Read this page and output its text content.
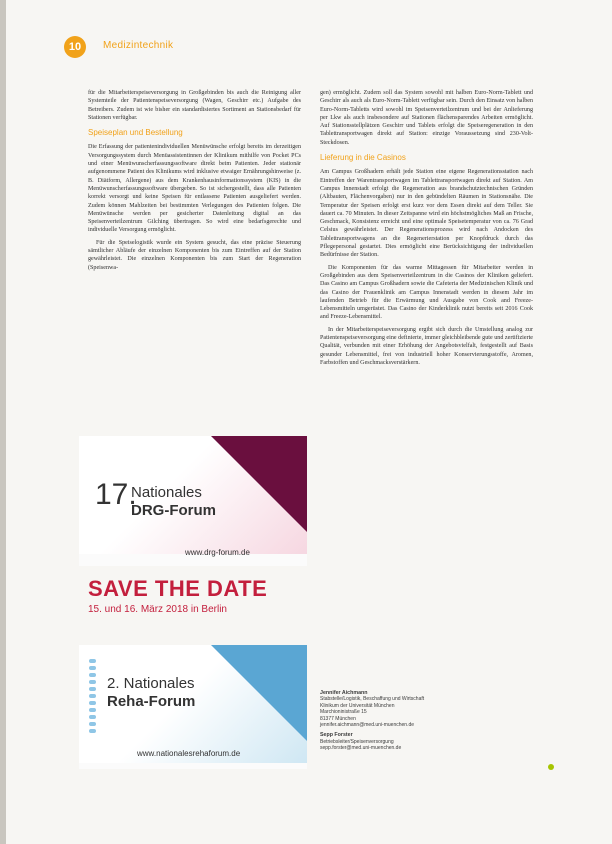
10	Medizintechnik

für die Mitarbeiterspeiseversorgung in Großgebinden bis auch die Reinigung aller Systemteile der Patientenspeiseversorgung (Wagen, Geschirr etc.) Aufgabe des Betreibers. Zudem ist wie bisher ein standardisiertes Sortiment an Stationsbedarf für Stationen verfügbar.

Speiseplan und Bestellung

Die Erfassung der patientenindividuellen Menüwünsche erfolgt bereits im derzeitigen Versorgungssystem durch Menüassistentinnen der Klinikum mithilfe von Pocket PCs und einer Menüwunscherfassungssoftware direkt beim Patienten. Jeder stationär aufgenommene Patient des Klinikums wird inklusive etwaiger Ernährungshinweise (z. B. Diätform, Allergene) aus dem Krankenhausinformationssystem (KIS) in die Menüwunscherfassungssoftware übergeben. So ist sichergestellt, dass alle Patienten korrekt versorgt und keine Speisen für entlassene Patienten ausgeliefert werden. Zudem können Mahlzeiten bei bestimmten Verlegungen des Patienten folgen. Die Menüwünsche werden per gesicherter Datenleitung digital an das Speisenverteilzentrum Gilching übertragen. So wird eine bedarfsgerechte und individuelle Versorgung ermöglicht.

Für die Speiselogistik wurde ein System gesucht, das eine präzise Steuerung sämtlicher Abläufe der einzelnen Komponenten bis zum Eintreffen auf der Station gewährleistet. Die einzelnen Komponenten bis zum Start der Regeneration (Speisenwa-

gen) ermöglicht. Zudem soll das System sowohl mit halben Euro-Norm-Tablett und Geschirr als auch als Euro-Norm-Tablett verfügbar sein. Durch den Einsatz von halben Euro-Norm-Tabletts wird sowohl im Speisenverteilzentrum und bei der Anlieferung per Lkw als auch insbesondere auf Stationen flächensparendes Arbeiten ermöglicht. Auf Stationsstellplätzen Geschirr und Tablets erfolgt die Speiseregeneration in den Tablettransportwagen direkt auf Station: einzige Voraussetzung sind 230-Volt-Steckdosen.

Lieferung in die Casinos

Am Campus Großhadern erhält jede Station eine eigene Regenerationsstation nach Eintreffen der Warentransportwagen im Tablettransportwagen direkt auf Station. Am Campus Innenstadt erfolgt die Regeneration aus brandschutztechnischen Gründen (Altbauten, Flächenvorgaben) nur in den gebündelten Räumen in Stationsnähe. Die Temperatur der Speisen erfolgt erst kurz vor dem Essen direkt auf dem Teller. Sie dauert ca. 70 Minuten. In dieser Zeitspanne wird ein höchstmögliches Maß an Frische, Geschmack, Konsistenz erreicht und eine optimale Speisetemperatur von ca. 76 Grad Celsius gewährleistet. Der Regenerationsprozess wird nach Andocken des Tablettransportwagens an die Regenerierstation per Knopfdruck durch das Pflegepersonal gestartet. Dies ermöglicht eine Berücksichtigung der individuellen Bedürfnisse der Station.

Die Komponenten für das warme Mittagessen für Mitarbeiter werden in Großgebinden aus dem Speisenverteilzentrum in die Casinos der Kliniken geliefert. Das Casino am Campus Großhadern sowie die Cafeteria der Medizinischen Klinik und das Casino der Frauenklinik am Campus Innenstadt werden in diesem Jahr im laufenden Betrieb für die Erwärmung und Ausgabe von Cook and Freeze-Lebensmitteln umgerüstet. Das Casino der Kinderklinik nutzt bereits seit 2016 Cook and Freeze-Lebensmittel.

In der Mitarbeiterspeiseversorgung ergibt sich durch die Umstellung analog zur Patientenspeiseversorgung eine definierte, immer gleichbleibende gute und zertifizierte Qualität, verbunden mit einer Erhöhung der Angebotsvielfalt, festgestellt auf Basis gesunder Lebensmittel, frei von industriell hoher Konservierungsstoffe, Aromen, Farbstoffen und Geschmacksverstärkern.

17.
Nationales
DRG-Forum
www.drg-forum.de
SAVE THE DATE
15. und 16. März 2018 in Berlin
2. Nationales
Reha-Forum
www.nationalesrehaforum.de
Jennifer Aichmann
Stabstelle/Logistik, Beschaffung und Wirtschaft
Klinikum der Universität München
Marchioninistraße 15
81377 München
jennifer.aichmann@med.uni-muenchen.de
Sepp Forster
Betriebsleiter/Speisenversorgung
sepp.forster@med.uni-muenchen.de
